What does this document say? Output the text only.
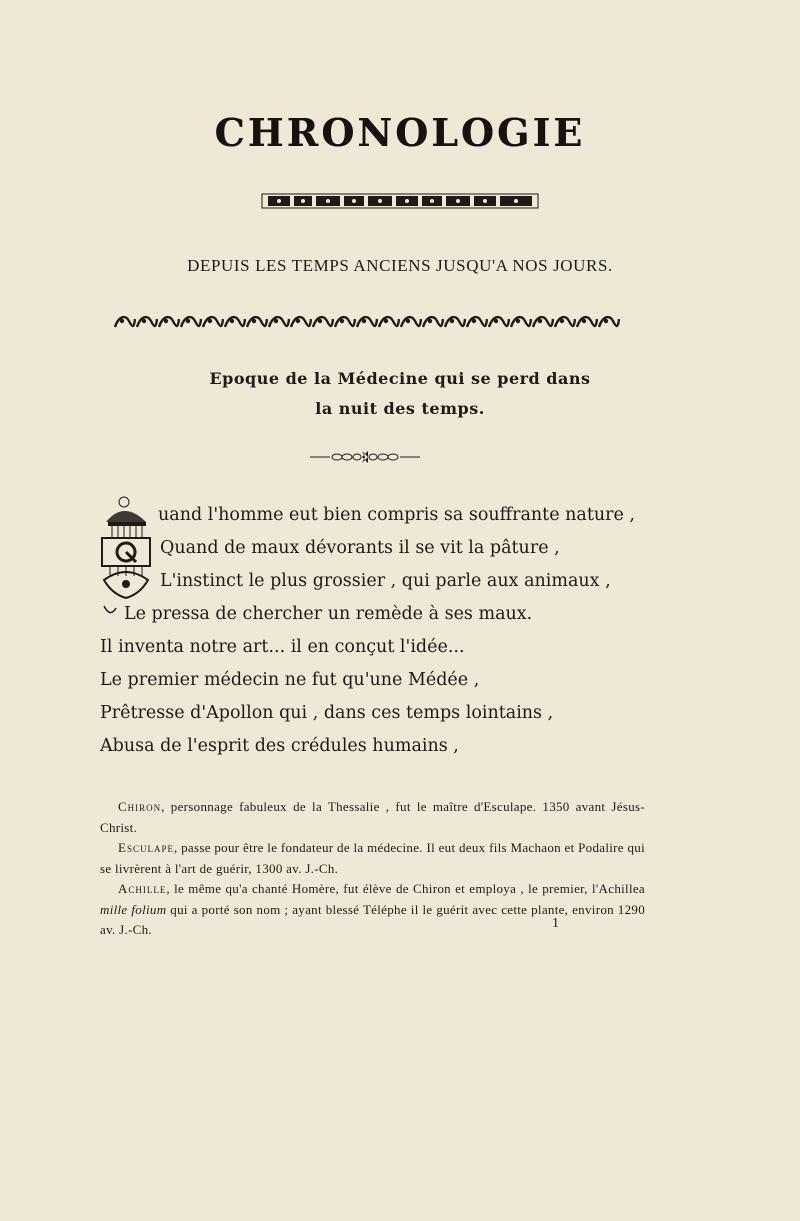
CHRONOLOGIE
DEPUIS LES TEMPS ANCIENS JUSQU'A NOS JOURS.
Epoque de la Médecine qui se perd dans
la nuit des temps.
uand l'homme eut bien compris sa souffrante nature ,
Quand de maux dévorants il se vit la pâture ,
L'instinct le plus grossier , qui parle aux animaux ,
Le pressa de chercher un remède à ses maux.
Il inventa notre art... il en conçut l'idée...
Le premier médecin ne fut qu'une Médée ,
Prêtresse d'Apollon qui , dans ces temps lointains ,
Abusa de l'esprit des crédules humains ,

Chiron, personnage fabuleux de la Thessalie , fut le maître d'Esculape. 1350 avant Jésus-Christ.

Esculape, passe pour être le fondateur de la médecine. Il eut deux fils Machaon et Podalire qui se livrèrent à l'art de guérir, 1300 av. J.-Ch.

Achille, le même qu'a chanté Homère, fut élève de Chiron et employa , le premier, l'Achillea mille folium qui a porté son nom ; ayant blessé Téléphe il le guérit avec cette plante, environ 1290 av. J.-Ch.	1
